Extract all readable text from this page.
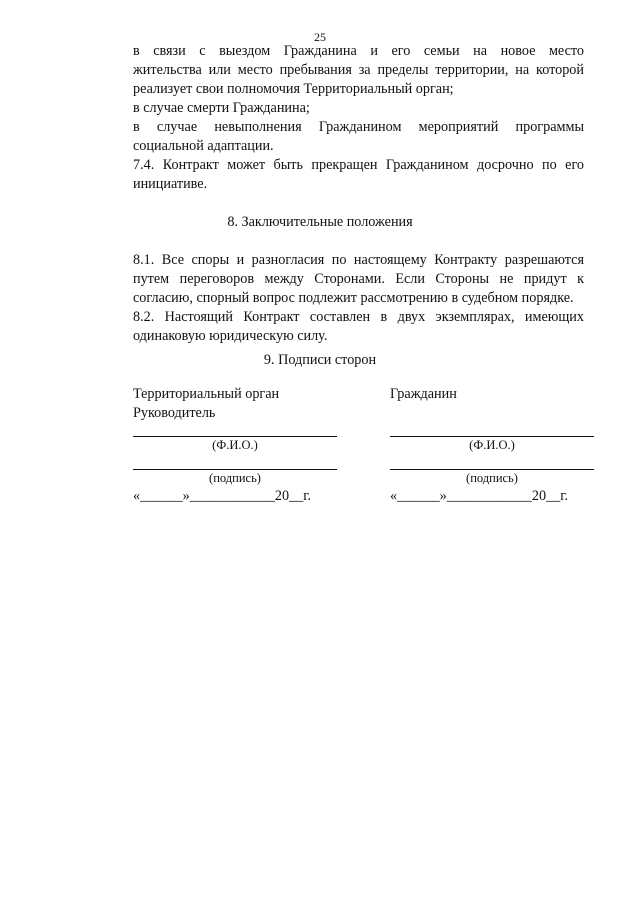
25
в связи с выездом Гражданина и его семьи на новое место
жительства или место пребывания за пределы территории, на которой
реализует свои полномочия Территориальный орган;
в случае смерти Гражданина;
в случае невыполнения Гражданином мероприятий программы
социальной адаптации.
7.4. Контракт может быть прекращен Гражданином досрочно по его
инициативе.
8. Заключительные положения
8.1. Все споры и разногласия по настоящему Контракту разрешаются
путем переговоров между Сторонами. Если Стороны не придут к
согласию, спорный вопрос подлежит рассмотрению в судебном порядке.
8.2. Настоящий Контракт составлен в двух экземплярах, имеющих
одинаковую юридическую силу.
9. Подписи сторон
Территориальный орган
Руководитель
(Ф.И.О.)
(подпись)
«______»____________20__г.
Гражданин
(Ф.И.О.)
(подпись)
«______»____________20__г.
